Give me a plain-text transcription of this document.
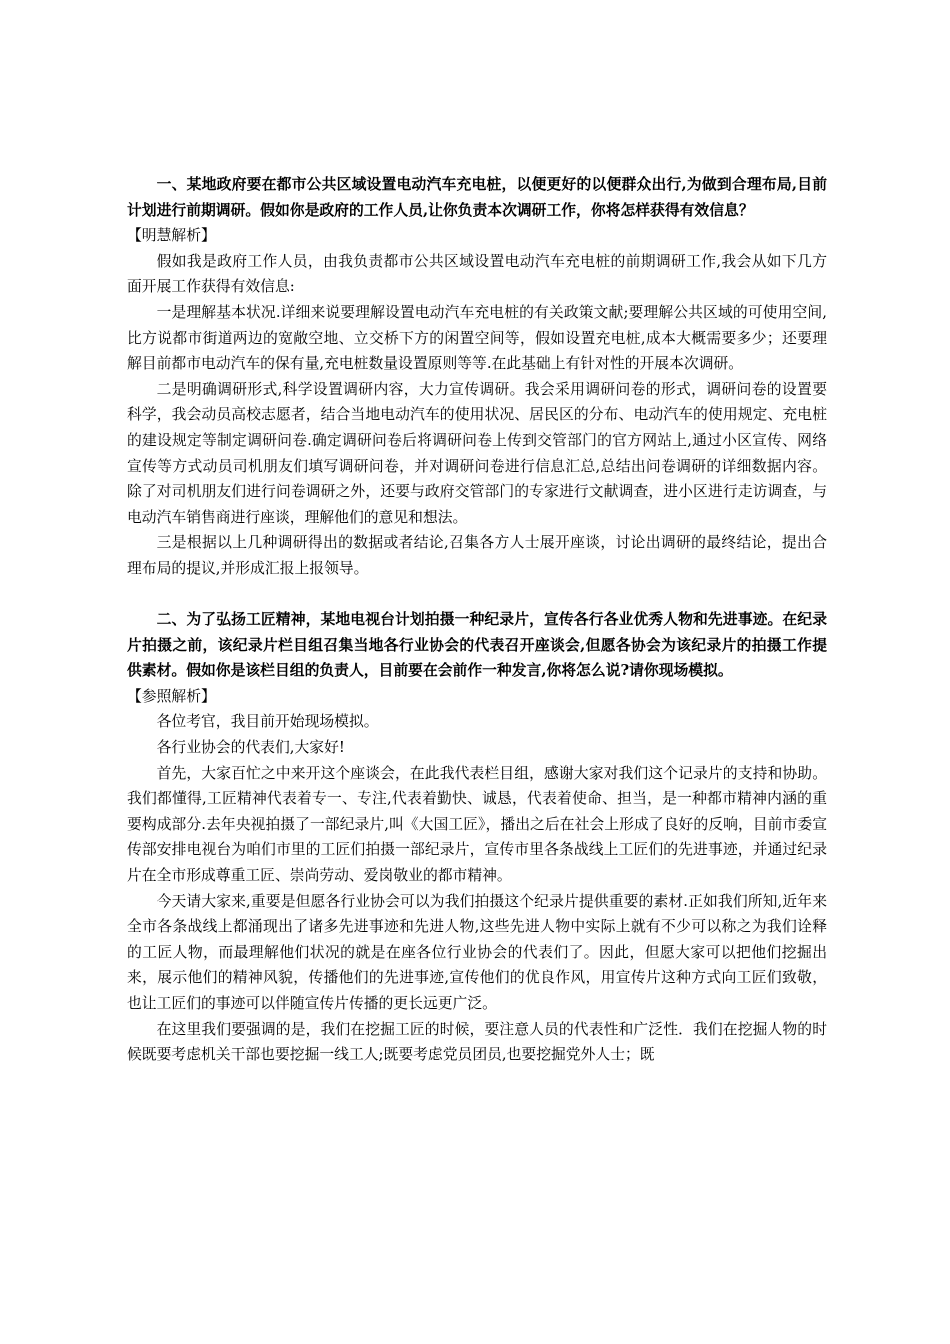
一、某地政府要在都市公共区域设置电动汽车充电桩，以便更好的以便群众出行,为做到合理布局,目前计划进行前期调研。假如你是政府的工作人员,让你负责本次调研工作，你将怎样获得有效信息？

【明慧解析】

假如我是政府工作人员，由我负责都市公共区域设置电动汽车充电桩的前期调研工作,我会从如下几方面开展工作获得有效信息:

一是理解基本状况.详细来说要理解设置电动汽车充电桩的有关政策文献;要理解公共区域的可使用空间,比方说都市街道两边的宽敞空地、立交桥下方的闲置空间等，假如设置充电桩,成本大概需要多少；还要理解目前都市电动汽车的保有量,充电桩数量设置原则等等.在此基础上有针对性的开展本次调研。

二是明确调研形式,科学设置调研内容，大力宣传调研。我会采用调研问卷的形式，调研问卷的设置要科学，我会动员高校志愿者，结合当地电动汽车的使用状况、居民区的分布、电动汽车的使用规定、充电桩的建设规定等制定调研问卷.确定调研问卷后将调研问卷上传到交管部门的官方网站上,通过小区宣传、网络宣传等方式动员司机朋友们填写调研问卷，并对调研问卷进行信息汇总,总结出问卷调研的详细数据内容。除了对司机朋友们进行问卷调研之外，还要与政府交管部门的专家进行文献调查，进小区进行走访调查，与电动汽车销售商进行座谈，理解他们的意见和想法。

三是根据以上几种调研得出的数据或者结论,召集各方人士展开座谈，讨论出调研的最终结论，提出合理布局的提议,并形成汇报上报领导。

二、为了弘扬工匠精神，某地电视台计划拍摄一种纪录片，宣传各行各业优秀人物和先进事迹。在纪录片拍摄之前，该纪录片栏目组召集当地各行业协会的代表召开座谈会,但愿各协会为该纪录片的拍摄工作提供素材。假如你是该栏目组的负责人，目前要在会前作一种发言,你将怎么说?请你现场模拟。

【参照解析】

各位考官，我目前开始现场模拟。

各行业协会的代表们,大家好!

首先，大家百忙之中来开这个座谈会，在此我代表栏目组，感谢大家对我们这个记录片的支持和协助。我们都懂得,工匠精神代表着专一、专注,代表着勤快、诚恳，代表着使命、担当，是一种都市精神内涵的重要构成部分.去年央视拍摄了一部纪录片,叫《大国工匠》，播出之后在社会上形成了良好的反响，目前市委宣传部安排电视台为咱们市里的工匠们拍摄一部纪录片，宣传市里各条战线上工匠们的先进事迹，并通过纪录片在全市形成尊重工匠、崇尚劳动、爱岗敬业的都市精神。

今天请大家来,重要是但愿各行业协会可以为我们拍摄这个纪录片提供重要的素材.正如我们所知,近年来全市各条战线上都涌现出了诸多先进事迹和先进人物,这些先进人物中实际上就有不少可以称之为我们诠释的工匠人物，而最理解他们状况的就是在座各位行业协会的代表们了。因此，但愿大家可以把他们挖掘出来，展示他们的精神风貌，传播他们的先进事迹,宣传他们的优良作风，用宣传片这种方式向工匠们致敬，也让工匠们的事迹可以伴随宣传片传播的更长远更广泛。

在这里我们要强调的是，我们在挖掘工匠的时候，要注意人员的代表性和广泛性．我们在挖掘人物的时候既要考虑机关干部也要挖掘一线工人;既要考虑党员团员,也要挖掘党外人士；既
